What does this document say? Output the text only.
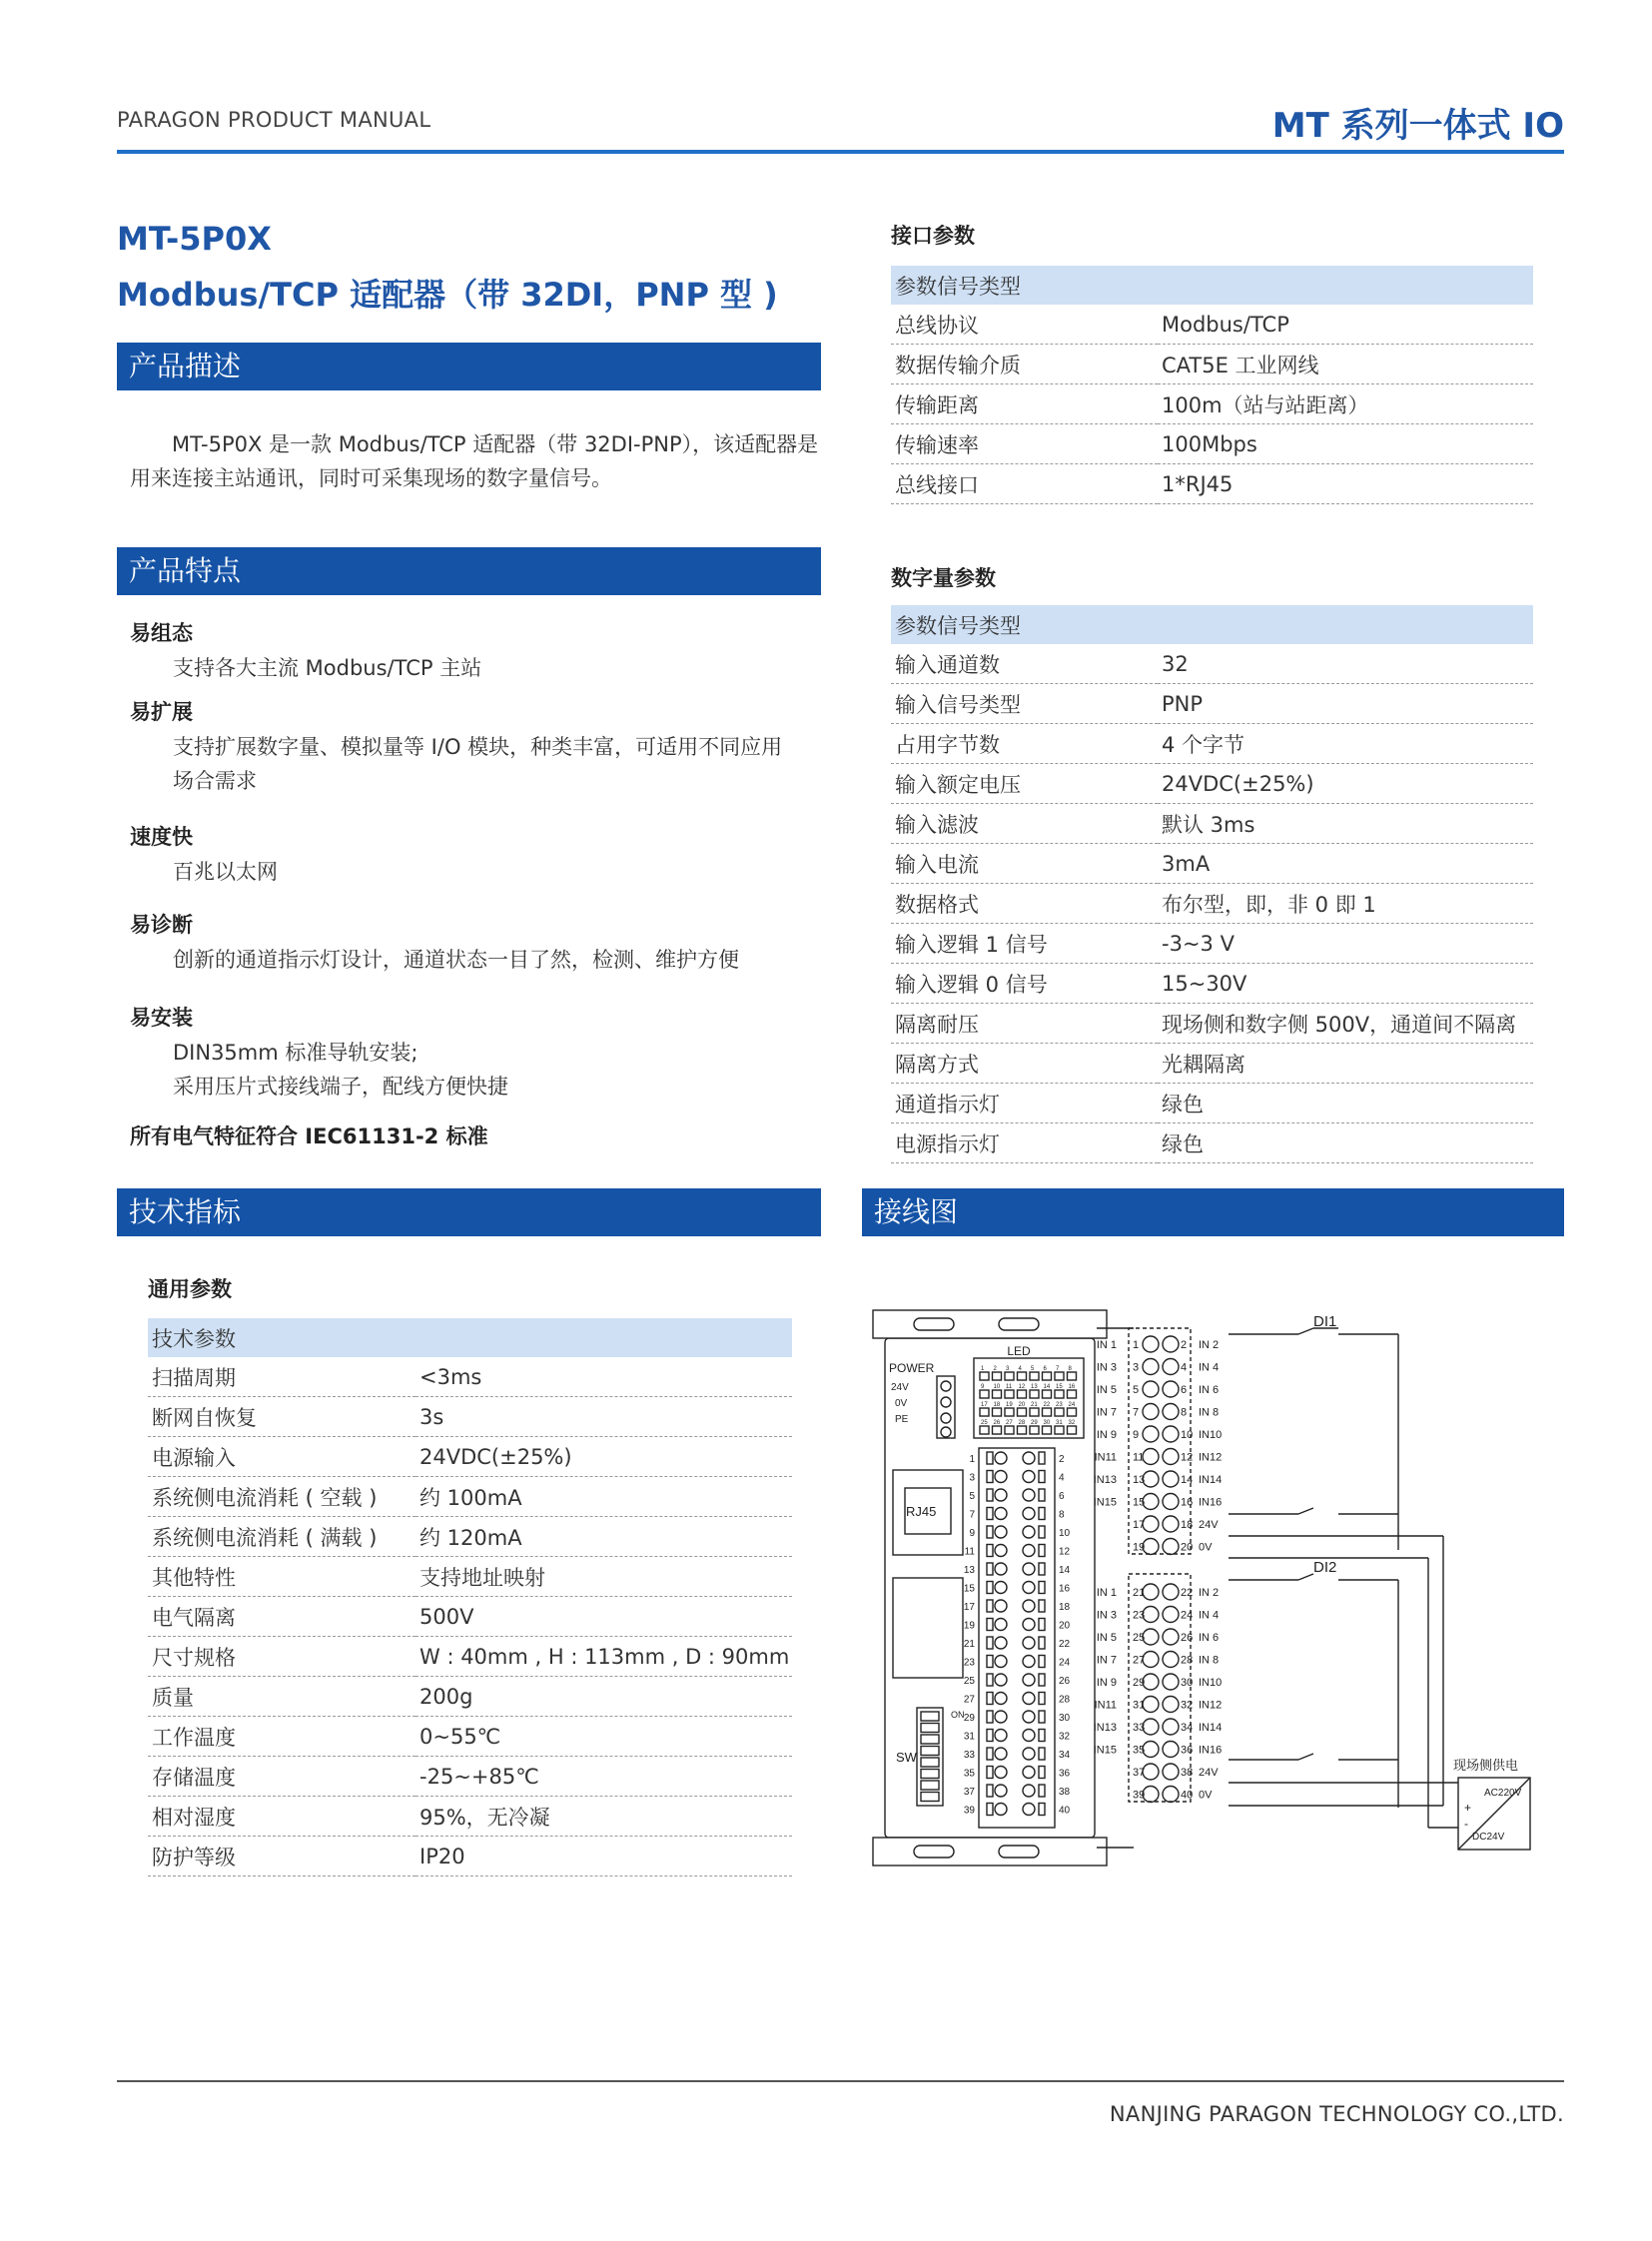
PARAGON PRODUCT MANUAL	MT 系列一体式 IO
MT-5P0X
Modbus/TCP 适配器（带 32DI，PNP 型 )
产品描述
MT-5P0X 是一款 Modbus/TCP 适配器（带 32DI-PNP），该适配器是用来连接主站通讯，同时可采集现场的数字量信号。
产品特点
易组态
支持各大主流 Modbus/TCP 主站
易扩展
支持扩展数字量、模拟量等 I/O 模块，种类丰富，可适用不同应用
场合需求
速度快
百兆以太网
易诊断
创新的通道指示灯设计，通道状态一目了然，检测、维护方便
易安装
DIN35mm 标准导轨安装;
采用压片式接线端子，配线方便快捷
所有电气特征符合 IEC61131-2 标准
技术指标
通用参数
技术参数	
扫描周期	<3ms
断网自恢复	3s
电源输入	24VDC(±25%)
系统侧电流消耗 ( 空载 )	约 100mA
系统侧电流消耗 ( 满载 )	约 120mA
其他特性	支持地址映射
电气隔离	500V
尺寸规格	W : 40mm , H : 113mm , D : 90mm
质量	200g
工作温度	0~55℃
存储温度	-25~+85℃
相对湿度	95%，无冷凝
防护等级	IP20
接口参数
参数信号类型	
总线协议	Modbus/TCP
数据传输介质	CAT5E 工业网线
传输距离	100m（站与站距离）
传输速率	100Mbps
总线接口	1*RJ45
数字量参数
参数信号类型	
输入通道数	32
输入信号类型	PNP
占用字节数	4 个字节
输入额定电压	24VDC(±25%)
输入滤波	默认 3ms
输入电流	3mA
数据格式	布尔型，即，非 0 即 1
输入逻辑 1 信号	-3~3 V
输入逻辑 0 信号	15~30V
隔离耐压	现场侧和数字侧 500V，通道间不隔离
隔离方式	光耦隔离
通道指示灯	绿色
电源指示灯	绿色
接线图
LED
POWER
24V
0V
PE
RJ45
SW
ON
DI1
DI2
现场侧供电
AC220V
DC24V
+
-
1 2 3 4 5 6 7 8
9 10 11 12 13 14 15 16
17 18 19 20 21 22 23 24
25 26 27 28 29 30 31 32
1	2
3	4
5	6
7	8
9	10
11	12
13	14
15	16
17	18
19	20
21	22
23	24
25	26
27	28
29	30
31	32
33	34
35	36
37	38
39	40
1	2
IN 1	IN 2
3	4
IN 3	IN 4
5	6
IN 5	IN 6
7	8
IN 7	IN 8
9	10
IN 9	IN10
11	12
IN11	IN12
13	14
IN13	IN14
15	16
IN15	IN16
17	18 24V
19	20 0V
21	22
IN 1	IN 2
23	24
IN 3	IN 4
25	26
IN 5	IN 6
27	28
IN 7	IN 8
29	30
IN 9	IN10
31	32
IN11	IN12
33	34
IN13	IN14
35	36
IN15	IN16
37	38 24V
39	40 0V
NANJING PARAGON TECHNOLOGY CO.,LTD.
